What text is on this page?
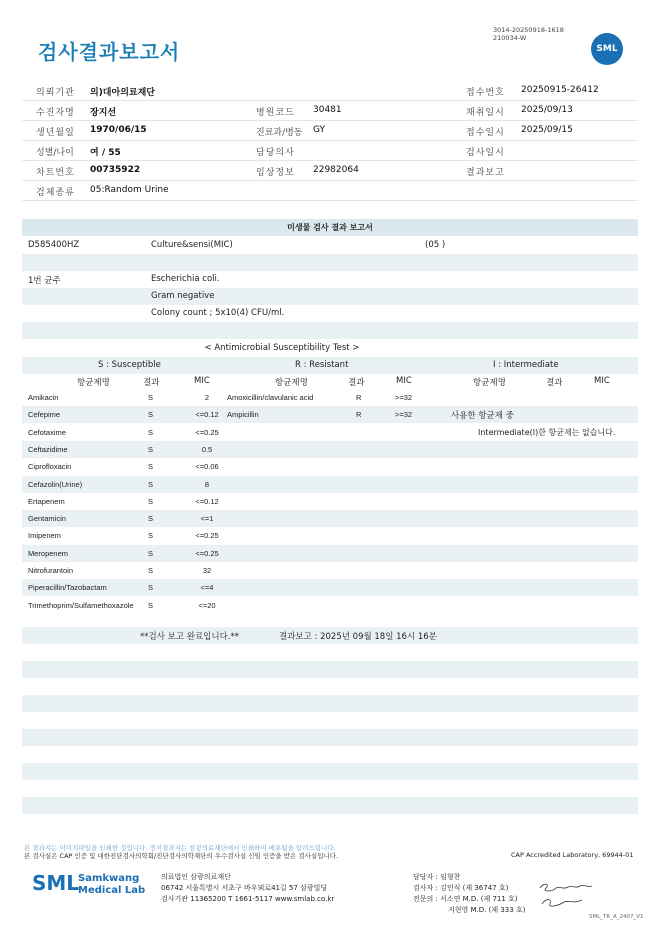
검사결과보고서
3014-20250918-1618
210034-W
SML
의뢰기관 의)대아의료재단	접수번호 20250915-26412
수진자명 장지선	병원코드 30481	채취일시 2025/09/13
생년월일 1970/06/15	진료과/병동 GY	접수일시 2025/09/15
성별/나이 여 / 55	담당의사	검사일시
차트번호 00735922	임상정보 22982064	결과보고
검체종류 05:Random Urine
미생물 검사 결과 보고서
D585400HZ	Culture&sensi(MIC)	(05 )
1번 균주	Escherichia coli.
Gram negative
Colony count ; 5x10(4) CFU/ml.
< Antimicrobial Susceptibility Test >
S : Susceptible	R : Resistant	I : Intermediate
항균제명	결과	MIC	항균제명	결과	MIC	항균제명	결과	MIC
Amikacin	S	2	Amoxicillin/clavulanic acid	R	>=32
Cefepime	S	<=0.12	Ampicillin	R	>=32	사용한 항균제 중
Cefotaxime	S	<=0.25	Intermediate(I)한 항균제는 없습니다.
Ceftazidime	S	0.5
Ciprofloxacin	S	<=0.06
Cefazolin(Urine)	S	8
Ertapenem	S	<=0.12
Gentamicin	S	<=1
Imipenem	S	<=0.25
Meropenem	S	<=0.25
Nitrofurantoin	S	32
Piperacillin/Tazobactam	S	<=4
Trimethoprim/Sulfamethoxazole S	<=20
**검사 보고 완료입니다.**	결과보고 : 2025년 09월 18일 16시 16분
본 결과지는 이미지파일을 인쇄한 것입니다. 정식결과지는 삼광의료재단에서 인쇄하여 배포됨을 알려드립니다.
본 검사실은 CAP 인증 및 대한진단검사의학회/진단검사의학재단의 우수검사실 신임 인증을 받은 검사실입니다.	CAP Accredited Laboratory, 69944-01
SML
Samkwang
Medical Lab
의료법인 삼광의료재단
06742 서울특별시 서초구 바우뫼로41길 57 삼광빌딩
검사기관 11365200 T 1661-5117 www.smlab.co.kr
담당자 : 임형찬
검사자 : 김민식 (제 36747 호)
전문의 : 서소연 M.D. (제 711 호)
지현영 M.D. (제 333 호)
SML_TR_A_2407_V1
